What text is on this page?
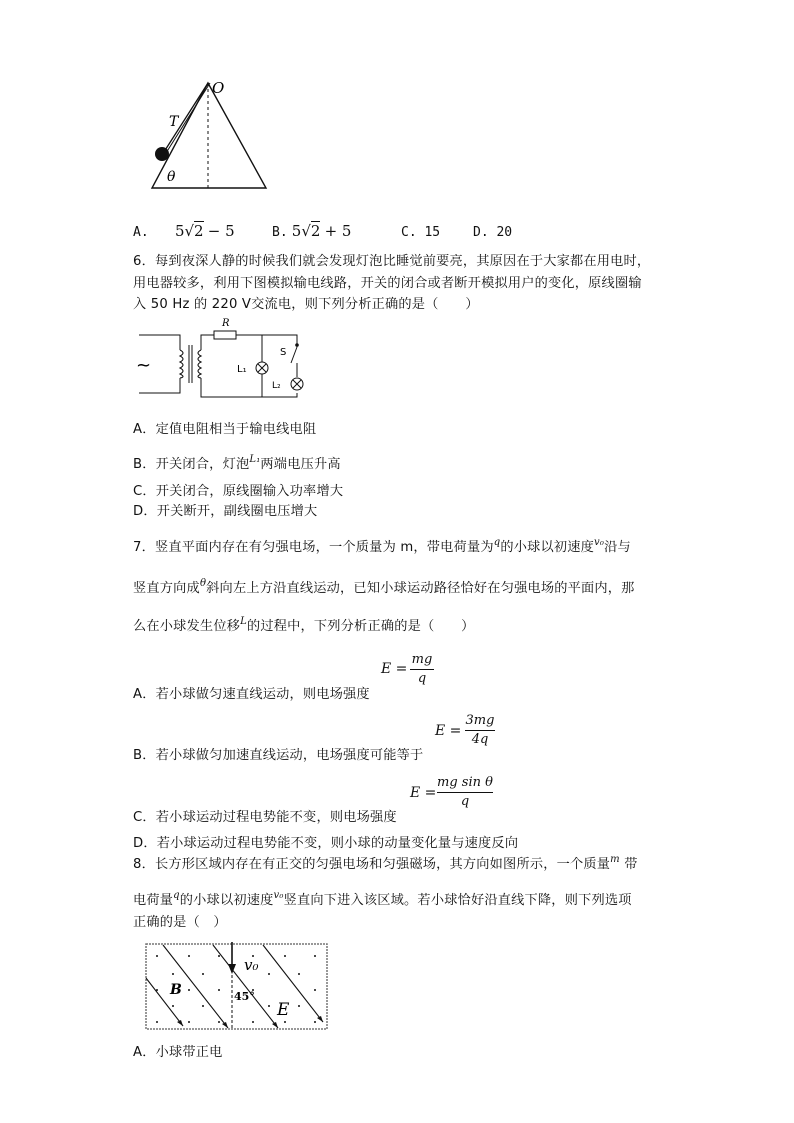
O
T
θ
A. 5√2 − 5	B. 5√2 + 5	C. 15	D. 20
6．每到夜深人静的时候我们就会发现灯泡比睡觉前要亮，其原因在于大家都在用电时，
用电器较多，利用下图模拟输电线路，开关的闭合或者断开模拟用户的变化，原线圈输
入 50 Hz 的 220 V交流电，则下列分析正确的是（　　）
~
R
L₁
S
L₂
A．定值电阻相当于输电线电阻
B．开关闭合，灯泡$^{L_1}$两端电压升高
C．开关闭合，原线圈输入功率增大
D．开关断开，副线圈电压增大
7．竖直平面内存在有匀强电场，一个质量为 m，带电荷量为$^q$的小球以初速度$^{v_0}$沿与
竖直方向成$^\theta$斜向左上方沿直线运动，已知小球运动路径恰好在匀强电场的平面内，那
么在小球发生位移$^L$的过程中，下列分析正确的是（　　）
A．若小球做匀速直线运动，则电场强度
E =
mg
q
B．若小球做匀加速直线运动，电场强度可能等于
E =
3mg
4q
C．若小球运动过程电势能不变，则电场强度
E =
mg sin θ
q
D．若小球运动过程电势能不变，则小球的动量变化量与速度反向
8．长方形区域内存在有正交的匀强电场和匀强磁场，其方向如图所示，一个质量$^m$ 带
电荷量$^q$的小球以初速度$^{v_0}$竖直向下进入该区域。若小球恰好沿直线下降，则下列选项
正确的是（　）
v₀
45°
B
E
A．小球带正电
